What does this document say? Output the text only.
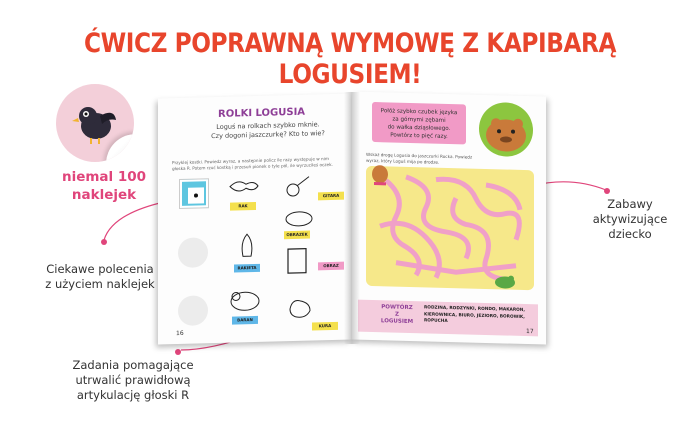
ĆWICZ POPRAWNĄ WYMOWĘ Z KAPIBARĄ LOGUSIEM!
niemal 100
naklejek
Ciekawe polecenia
z użyciem naklejek
Zadania pomagające
utrwalić prawidłową
artykulację głoski R
Zabawy
aktywizujące
dziecko
ROLKI LOGUSIA
Loguś na rolkach szybko mknie.
Czy dogoni jaszczurkę? Kto to wie?
Przyklej kostki. Powiedz wyraz, a następnie policz ile razy występuje w nim głoska R. Potem rzuć kostką i przesuń pionek o tyle pól, ile wyrzuciłeś oczek.
RAK
GITARA
RAKIETA
OBRAZEK
OBRAZ
BARAN
KURA
16
Połóż szybko czubek języka
za górnymi zębami
do wałka dziąsłowego.
Powtórz to pięć razy.
Wskaż drogę Logusia do jaszczurki Rocka. Powiedz wyraz, który Loguś mija po drodze.
POWTÓRZ
Z LOGUSIEM
RODZINA, RODZYNKI, RONDO, MAKARON, KIEROWNICA, BIURO, JEZIORO, BOROWIK, ROPUCHA
17
